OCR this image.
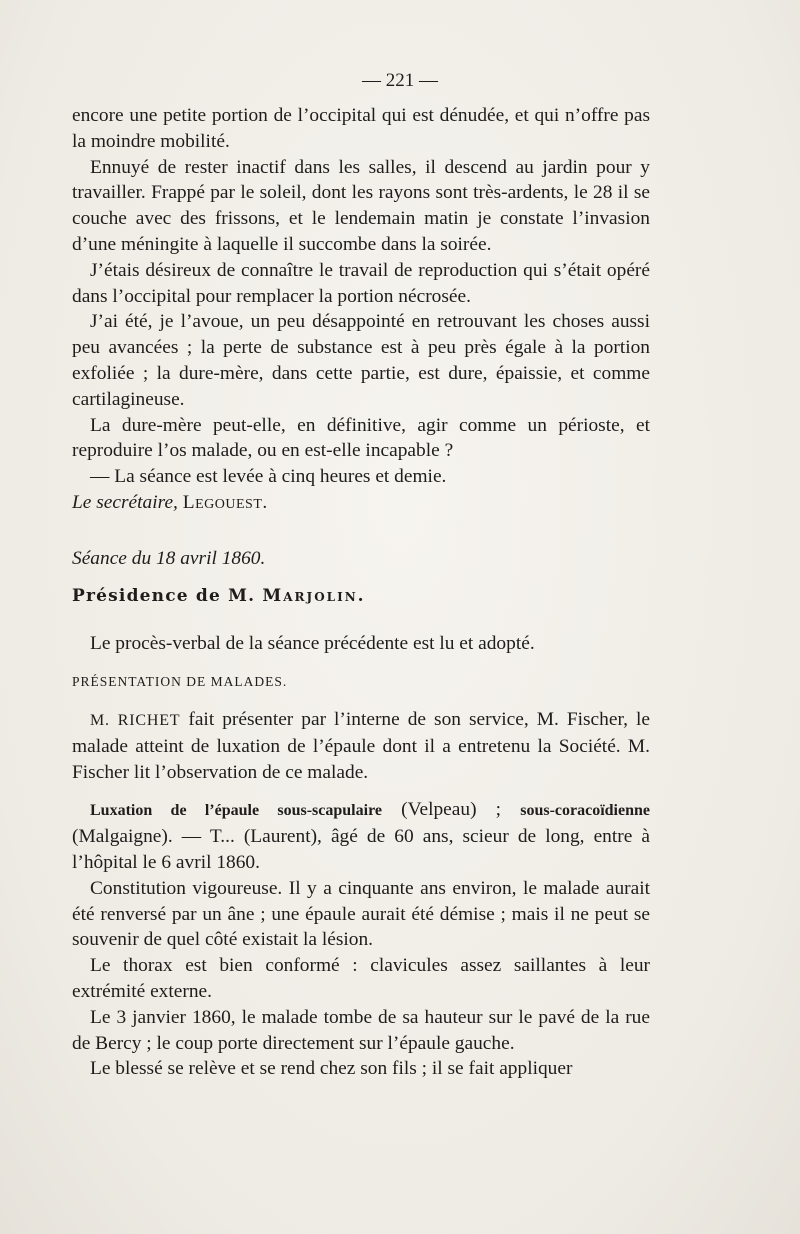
— 221 —

encore une petite portion de l’occipital qui est dénudée, et qui n’offre pas la moindre mobilité.

Ennuyé de rester inactif dans les salles, il descend au jardin pour y travailler. Frappé par le soleil, dont les rayons sont très-ardents, le 28 il se couche avec des frissons, et le lendemain matin je constate l’invasion d’une méningite à laquelle il succombe dans la soirée.

J’étais désireux de connaître le travail de reproduction qui s’était opéré dans l’occipital pour remplacer la portion nécrosée.

J’ai été, je l’avoue, un peu désappointé en retrouvant les choses aussi peu avancées ; la perte de substance est à peu près égale à la portion exfoliée ; la dure-mère, dans cette partie, est dure, épaissie, et comme cartilagineuse.

La dure-mère peut-elle, en définitive, agir comme un périoste, et reproduire l’os malade, ou en est-elle incapable ?

— La séance est levée à cinq heures et demie.

Le secrétaire, Legouest.

Séance du 18 avril 1860.

Présidence de M. Marjolin.

Le procès-verbal de la séance précédente est lu et adopté.

PRÉSENTATION DE MALADES.

M. RICHET fait présenter par l’interne de son service, M. Fischer, le malade atteint de luxation de l’épaule dont il a entretenu la Société. M. Fischer lit l’observation de ce malade.

Luxation de l’épaule sous-scapulaire (Velpeau) ; sous-coracoïdienne (Malgaigne). — T... (Laurent), âgé de 60 ans, scieur de long, entre à l’hôpital le 6 avril 1860.

Constitution vigoureuse. Il y a cinquante ans environ, le malade aurait été renversé par un âne ; une épaule aurait été démise ; mais il ne peut se souvenir de quel côté existait la lésion.

Le thorax est bien conformé : clavicules assez saillantes à leur extrémité externe.

Le 3 janvier 1860, le malade tombe de sa hauteur sur le pavé de la rue de Bercy ; le coup porte directement sur l’épaule gauche.

Le blessé se relève et se rend chez son fils ; il se fait appliquer
